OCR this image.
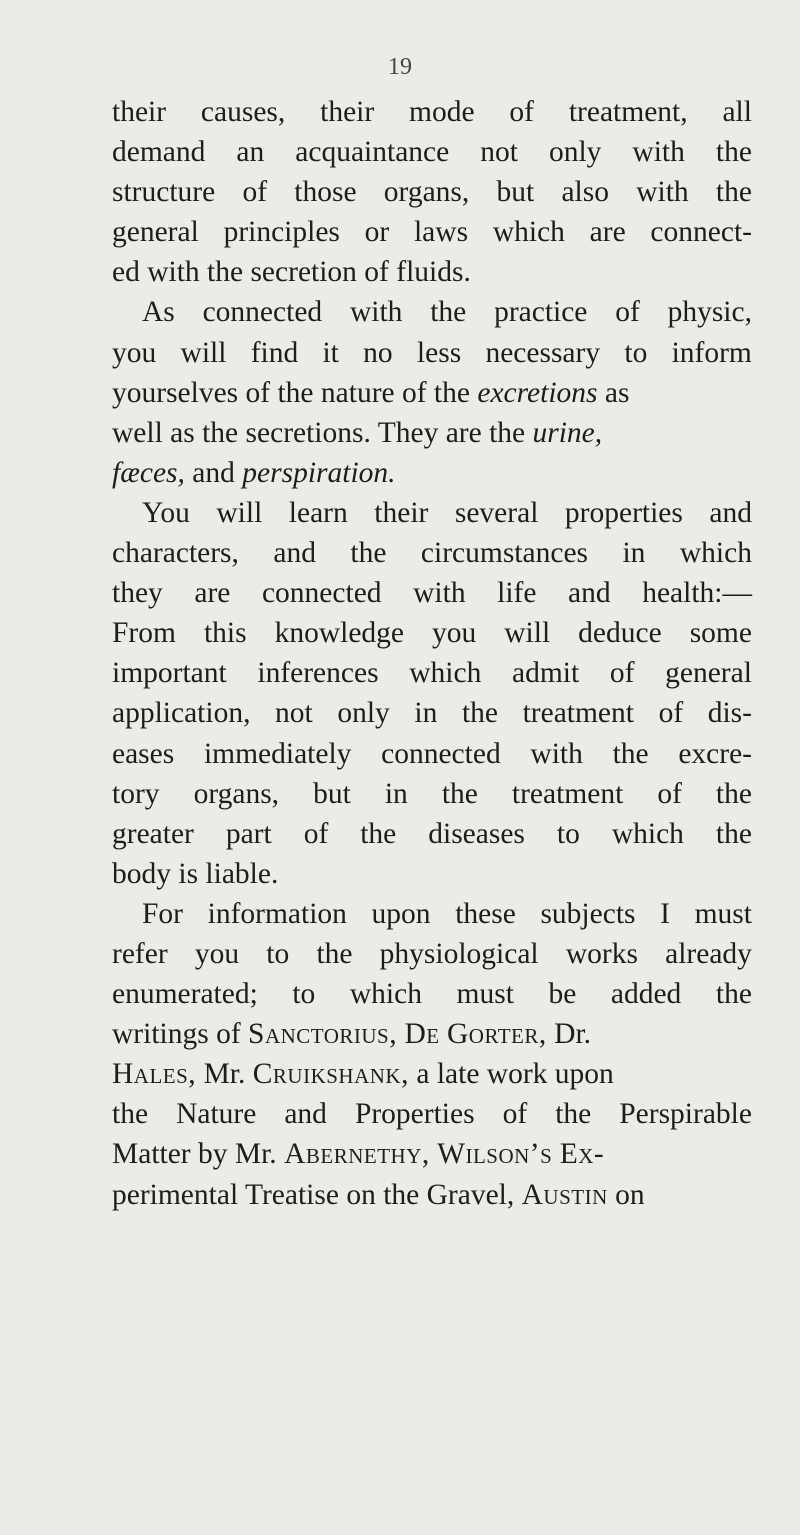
19
their causes, their mode of treatment, all
demand an acquaintance not only with the
structure of those organs, but also with the
general principles or laws which are connect-
ed with the secretion of fluids.
As connected with the practice of physic,
you will find it no less necessary to inform
yourselves of the nature of the excretions as
well as the secretions. They are the urine,
fæces, and perspiration.
You will learn their several properties and
characters, and the circumstances in which
they are connected with life and health:—
From this knowledge you will deduce some
important inferences which admit of general
application, not only in the treatment of dis-
eases immediately connected with the excre-
tory organs, but in the treatment of the
greater part of the diseases to which the
body is liable.
For information upon these subjects I must
refer you to the physiological works already
enumerated; to which must be added the
writings of Sanctorius, De Gorter, Dr.
Hales, Mr. Cruikshank, a late work upon
the Nature and Properties of the Perspirable
Matter by Mr. Abernethy, Wilson’s Ex-
perimental Treatise on the Gravel, Austin on
